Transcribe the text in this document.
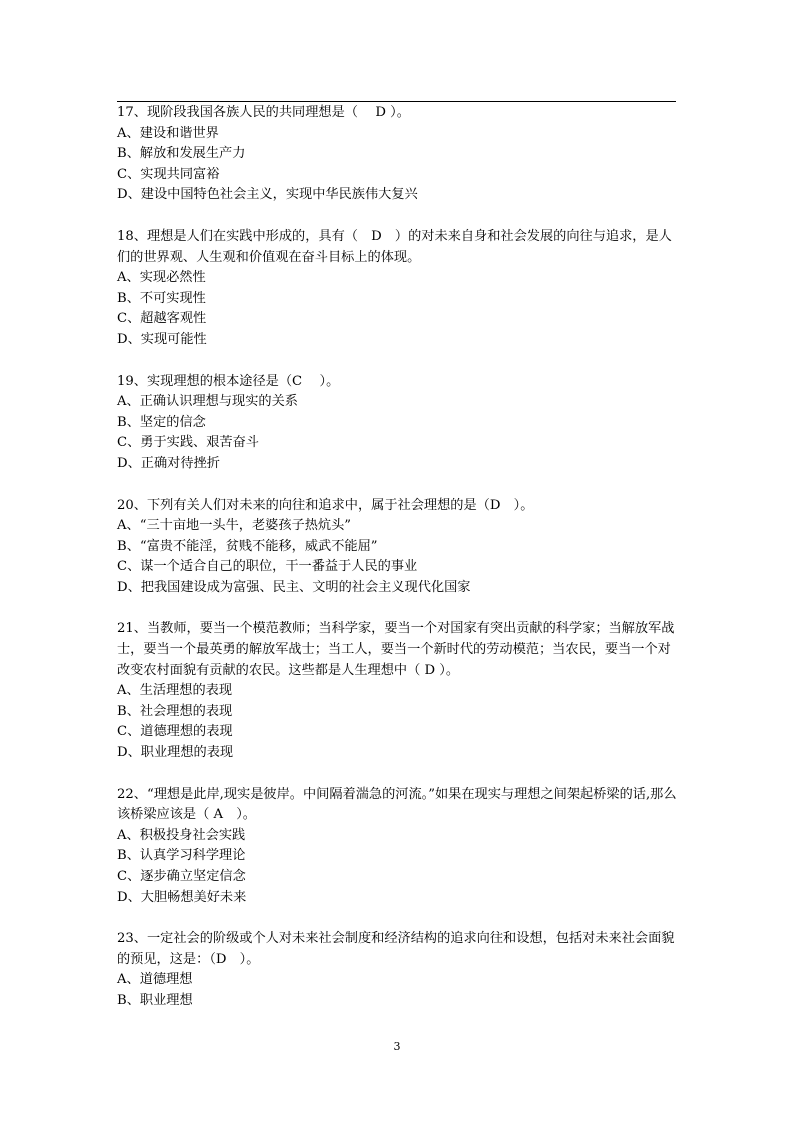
17、现阶段我国各族人民的共同理想是（　 D ）。
A、建设和谐世界
B、解放和发展生产力
C、实现共同富裕
D、建设中国特色社会主义，实现中华民族伟大复兴
18、理想是人们在实践中形成的，具有（　D　）的对未来自身和社会发展的向往与追求，是人们的世界观、人生观和价值观在奋斗目标上的体现。
A、实现必然性
B、不可实现性
C、超越客观性
D、实现可能性
19、实现理想的根本途径是（C　 ）。
A、正确认识理想与现实的关系
B、坚定的信念
C、勇于实践、艰苦奋斗
D、正确对待挫折
20、下列有关人们对未来的向往和追求中，属于社会理想的是（D　）。
A、“三十亩地一头牛，老婆孩子热炕头”
B、“富贵不能淫，贫贱不能移，威武不能屈”
C、谋一个适合自己的职位，干一番益于人民的事业
D、把我国建设成为富强、民主、文明的社会主义现代化国家
21、当教师，要当一个模范教师；当科学家，要当一个对国家有突出贡献的科学家；当解放军战士，要当一个最英勇的解放军战士；当工人，要当一个新时代的劳动模范；当农民，要当一个对改变农村面貌有贡献的农民。这些都是人生理想中（ D ）。
A、生活理想的表现
B、社会理想的表现
C、道德理想的表现
D、职业理想的表现
22、“理想是此岸,现实是彼岸。中间隔着湍急的河流。”如果在现实与理想之间架起桥梁的话,那么该桥梁应该是（ A　）。
A、积极投身社会实践
B、认真学习科学理论
C、逐步确立坚定信念
D、大胆畅想美好未来
23、一定社会的阶级或个人对未来社会制度和经济结构的追求向往和设想，包括对未来社会面貌的预见，这是：（D　）。
A、道德理想
B、职业理想
3
